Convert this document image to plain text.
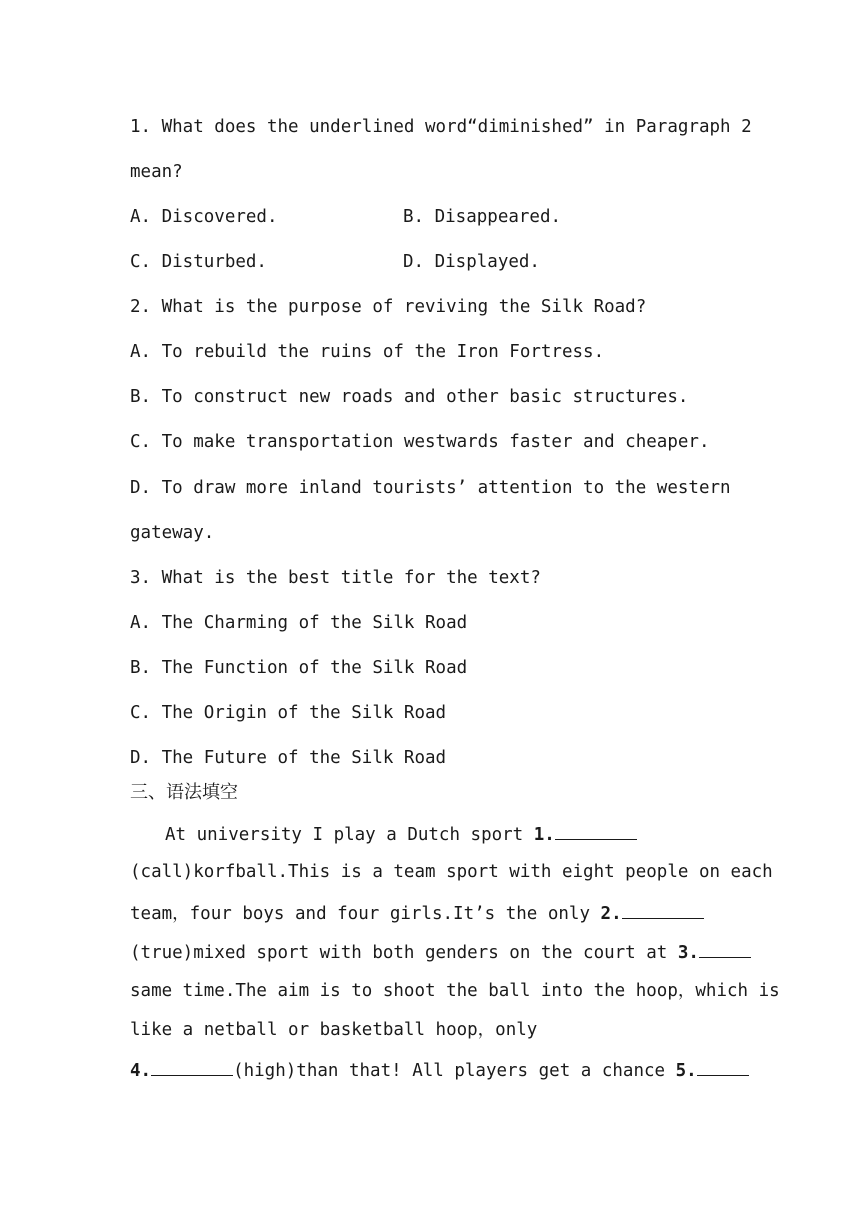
1. What does the underlined word“diminished” in Paragraph 2
mean?
A. Discovered.	B. Disappeared.
C. Disturbed.	D. Displayed.
2. What is the purpose of reviving the Silk Road?
A. To rebuild the ruins of the Iron Fortress.
B. To construct new roads and other basic structures.
C. To make transportation westwards faster and cheaper.
D. To draw more inland tourists’ attention to the western
gateway.
3. What is the best title for the text?
A. The Charming of the Silk Road
B. The Function of the Silk Road
C. The Origin of the Silk Road
D. The Future of the Silk Road
三、语法填空
At university I play a Dutch sport 1.
(call)korfball.This is a team sport with eight people on each
team，four boys and four girls.It’s the only 2.
(true)mixed sport with both genders on the court at 3.
same time.The aim is to shoot the ball into the hoop，which is
like a netball or basketball hoop，only
4.	(high)than that! All players get a chance 5.
